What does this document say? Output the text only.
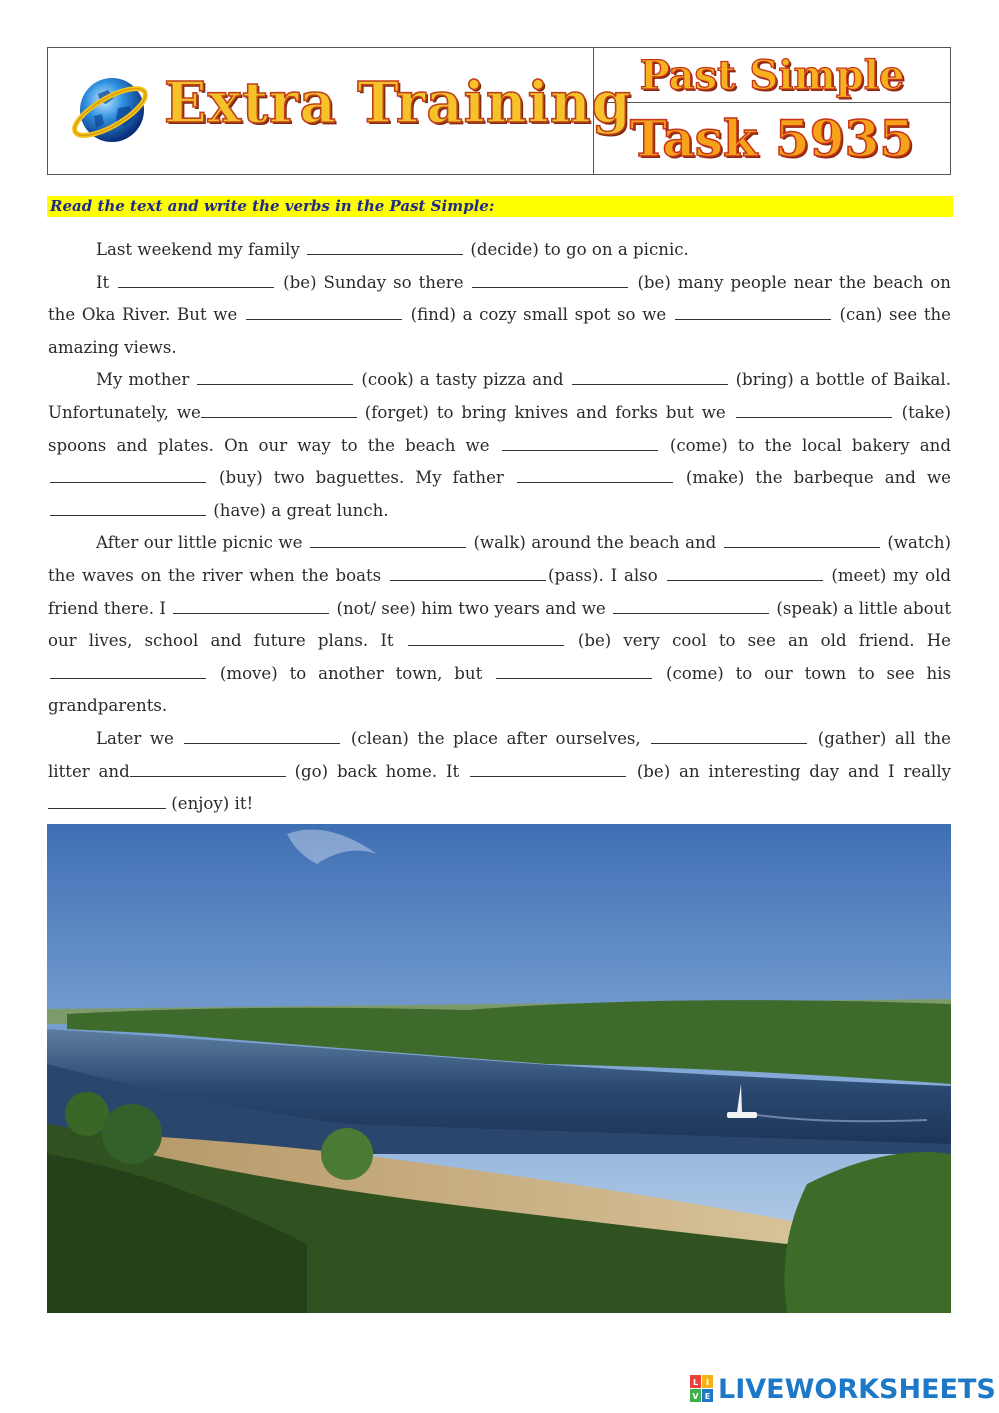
Extra Training Past Simple
Task 5935
Read the text and write the verbs in the Past Simple:

Last weekend my family	(decide) to go on a picnic.

It	(be) Sunday so there	(be) many people near the beach on the Oka River. But we	(find) a cozy small spot so we	(can) see the amazing views.

My mother	(cook) a tasty pizza and	(bring) a bottle of Baikal. Unfortunately, we	(forget) to bring knives and forks but we	(take) spoons and plates. On our way to the beach we	(come) to the local bakery and  (buy) two baguettes. My father	(make) the barbeque and we  (have) a great lunch.

After our little picnic we	(walk) around the beach and	(watch) the waves on the river when the boats	(pass). I also	(meet) my old friend there. I	(not/ see) him two years and we	(speak) a little about our lives, school and future plans. It	(be) very cool to see an old friend. He  (move) to another town, but	(come) to our town to see his grandparents.

Later we	(clean) the place after ourselves,	(gather) all the litter and	(go) back home. It	(be) an interesting day and I really (enjoy) it!

L I
V E LIVEWORKSHEETS
